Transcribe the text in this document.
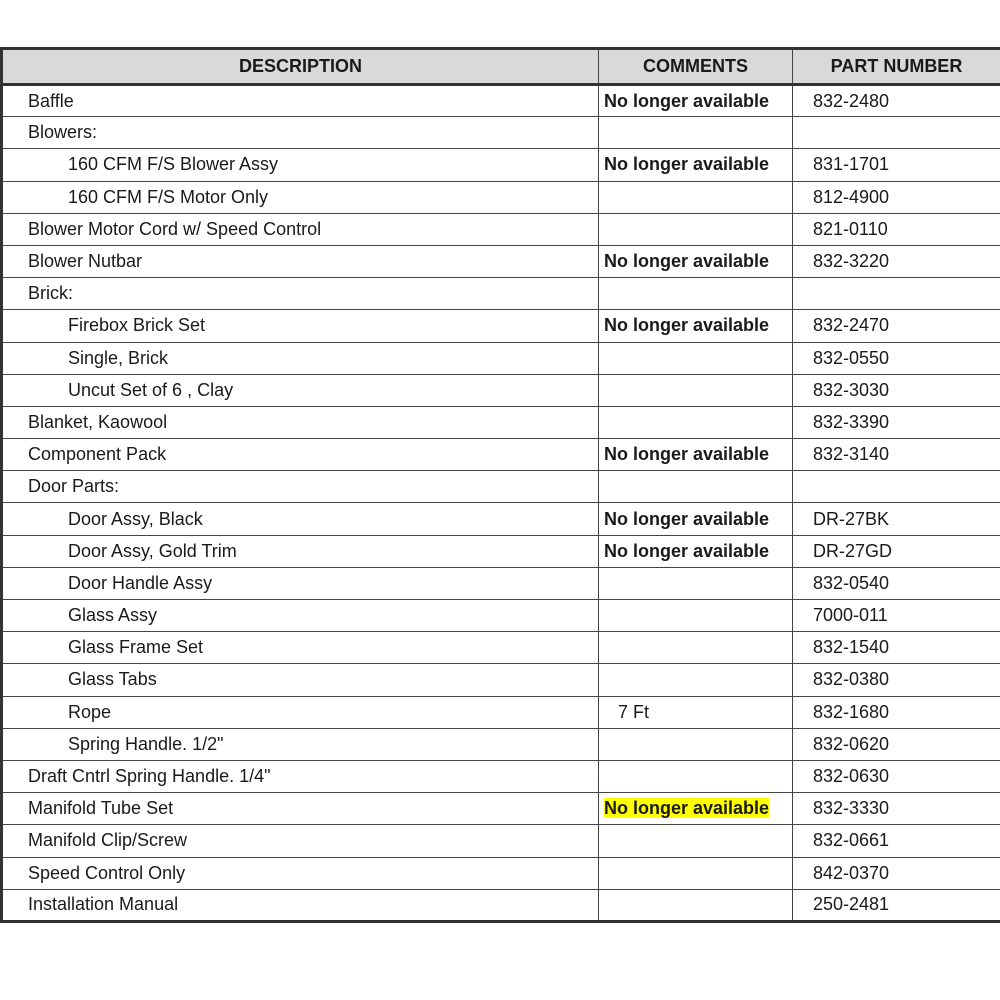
DESCRIPTION	COMMENTS	PART NUMBER
Baffle	No longer available	832-2480
Blowers:		
160 CFM F/S Blower Assy	No longer available	831-1701
160 CFM F/S Motor Only		812-4900
Blower Motor Cord w/ Speed Control		821-0110
Blower Nutbar	No longer available	832-3220
Brick:		
Firebox Brick Set	No longer available	832-2470
Single, Brick		832-0550
Uncut Set of 6 , Clay		832-3030
Blanket, Kaowool		832-3390
Component Pack	No longer available	832-3140
Door Parts:		
Door Assy, Black	No longer available	DR-27BK
Door Assy, Gold Trim	No longer available	DR-27GD
Door Handle Assy		832-0540
Glass Assy		7000-011
Glass Frame Set		832-1540
Glass Tabs		832-0380
Rope	7 Ft	832-1680
Spring Handle. 1/2"		832-0620
Draft Cntrl Spring Handle. 1/4"		832-0630
Manifold Tube Set	No longer available	832-3330
Manifold Clip/Screw		832-0661
Speed Control Only		842-0370
Installation Manual		250-2481
